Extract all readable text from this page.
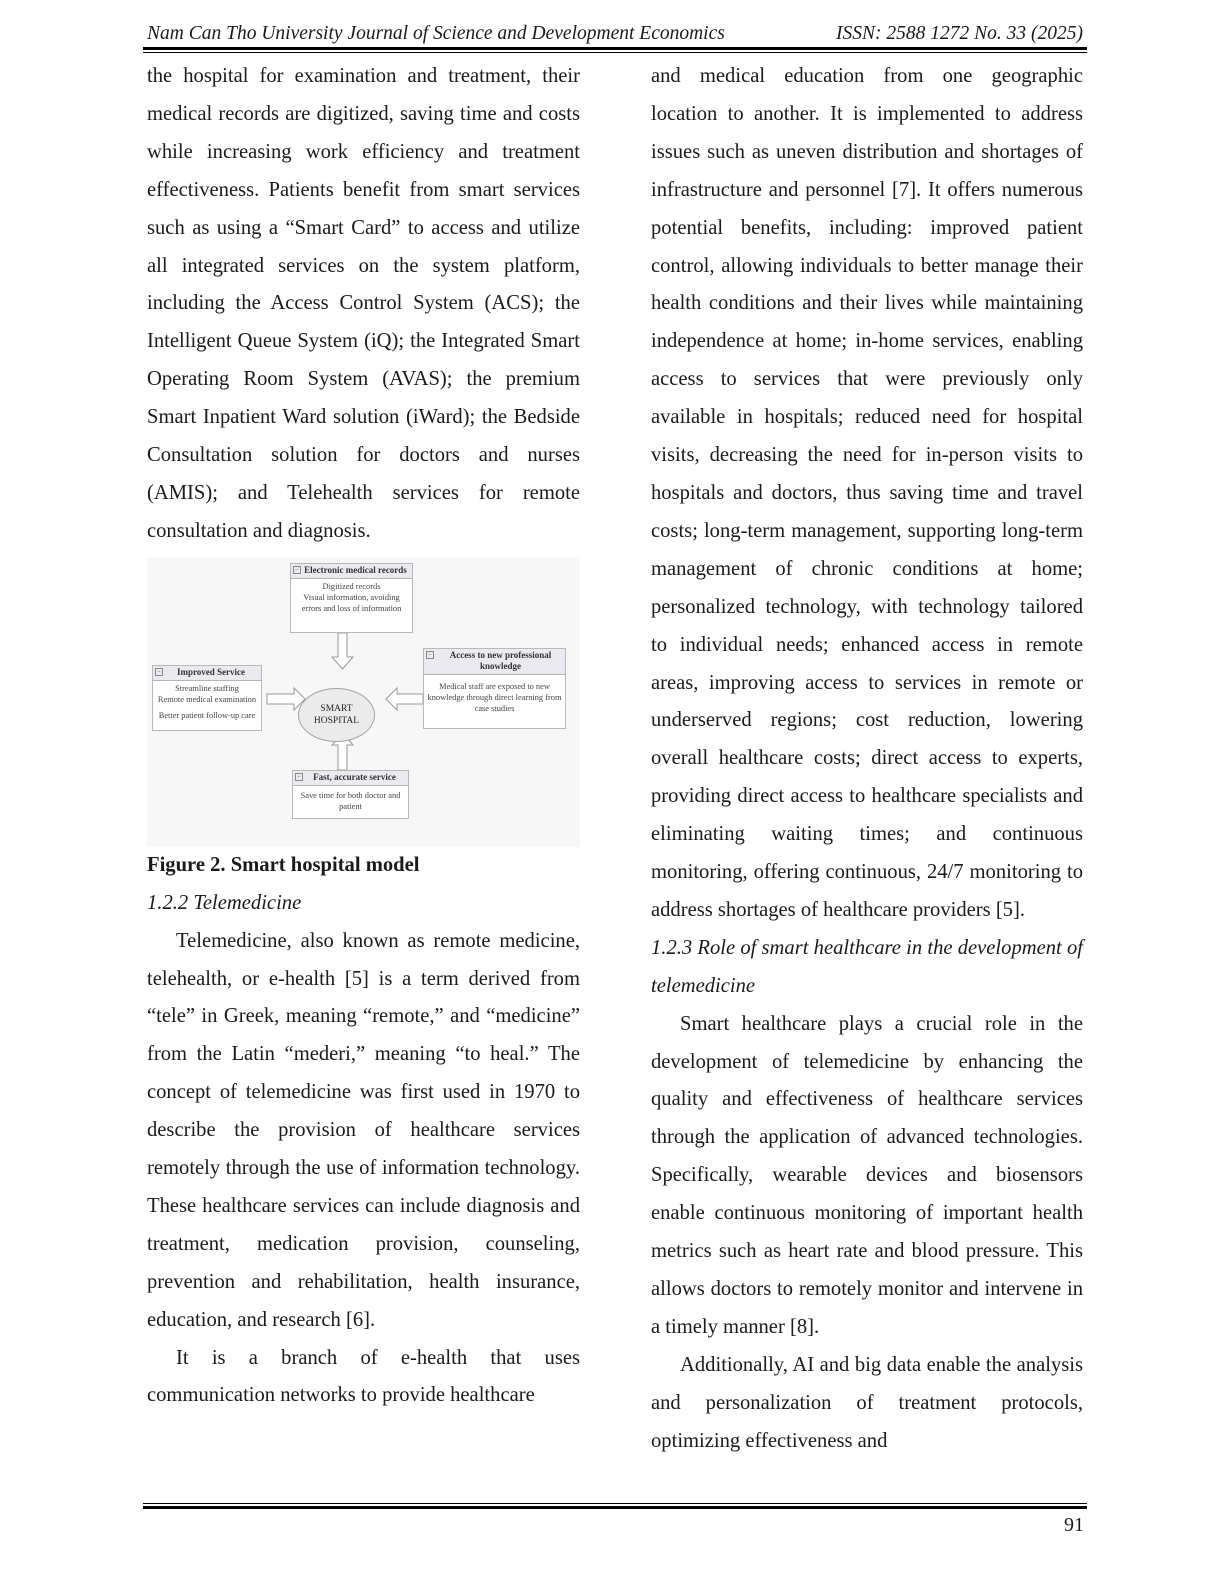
Nam Can Tho University Journal of Science and Development Economics	ISSN: 2588 1272 No. 33 (2025)

the hospital for examination and treatment, their medical records are digitized, saving time and costs while increasing work efficiency and treatment effectiveness. Patients benefit from smart services such as using a “Smart Card” to access and utilize all integrated services on the system platform, including the Access Control System (ACS); the Intelligent Queue System (iQ); the Integrated Smart Operating Room System (AVAS); the premium Smart Inpatient Ward solution (iWard); the Bedside Consultation solution for doctors and nurses (AMIS); and Telehealth services for remote consultation and diagnosis.

− Electronic medical records
Digitized records
Visual information, avoiding errors and loss of information
− Improved Service
Streamline staffing
Remote medical examination
Better patient follow-up care
SMART HOSPITAL
− Access to new professional knowledge
Medical staff are exposed to new knowledge through direct learning from case studies
− Fast, accurate service
Save time for both doctor and patient

Figure 2. Smart hospital model

1.2.2 Telemedicine

Telemedicine, also known as remote medicine, telehealth, or e-health [5] is a term derived from “tele” in Greek, meaning “remote,” and “medicine” from the Latin “mederi,” meaning “to heal.” The concept of telemedicine was first used in 1970 to describe the provision of healthcare services remotely through the use of information technology. These healthcare services can include diagnosis and treatment, medication provision, counseling, prevention and rehabilitation, health insurance, education, and research [6].

It is a branch of e-health that uses communication networks to provide healthcare

and medical education from one geographic location to another. It is implemented to address issues such as uneven distribution and shortages of infrastructure and personnel [7]. It offers numerous potential benefits, including: improved patient control, allowing individuals to better manage their health conditions and their lives while maintaining independence at home; in-home services, enabling access to services that were previously only available in hospitals; reduced need for hospital visits, decreasing the need for in-person visits to hospitals and doctors, thus saving time and travel costs; long-term management, supporting long-term management of chronic conditions at home; personalized technology, with technology tailored to individual needs; enhanced access in remote areas, improving access to services in remote or underserved regions; cost reduction, lowering overall healthcare costs; direct access to experts, providing direct access to healthcare specialists and eliminating waiting times; and continuous monitoring, offering continuous, 24/7 monitoring to address shortages of healthcare providers [5].

1.2.3 Role of smart healthcare in the development of telemedicine

Smart healthcare plays a crucial role in the development of telemedicine by enhancing the quality and effectiveness of healthcare services through the application of advanced technologies. Specifically, wearable devices and biosensors enable continuous monitoring of important health metrics such as heart rate and blood pressure. This allows doctors to remotely monitor and intervene in a timely manner [8].

Additionally, AI and big data enable the analysis and personalization of treatment protocols, optimizing effectiveness and

91
